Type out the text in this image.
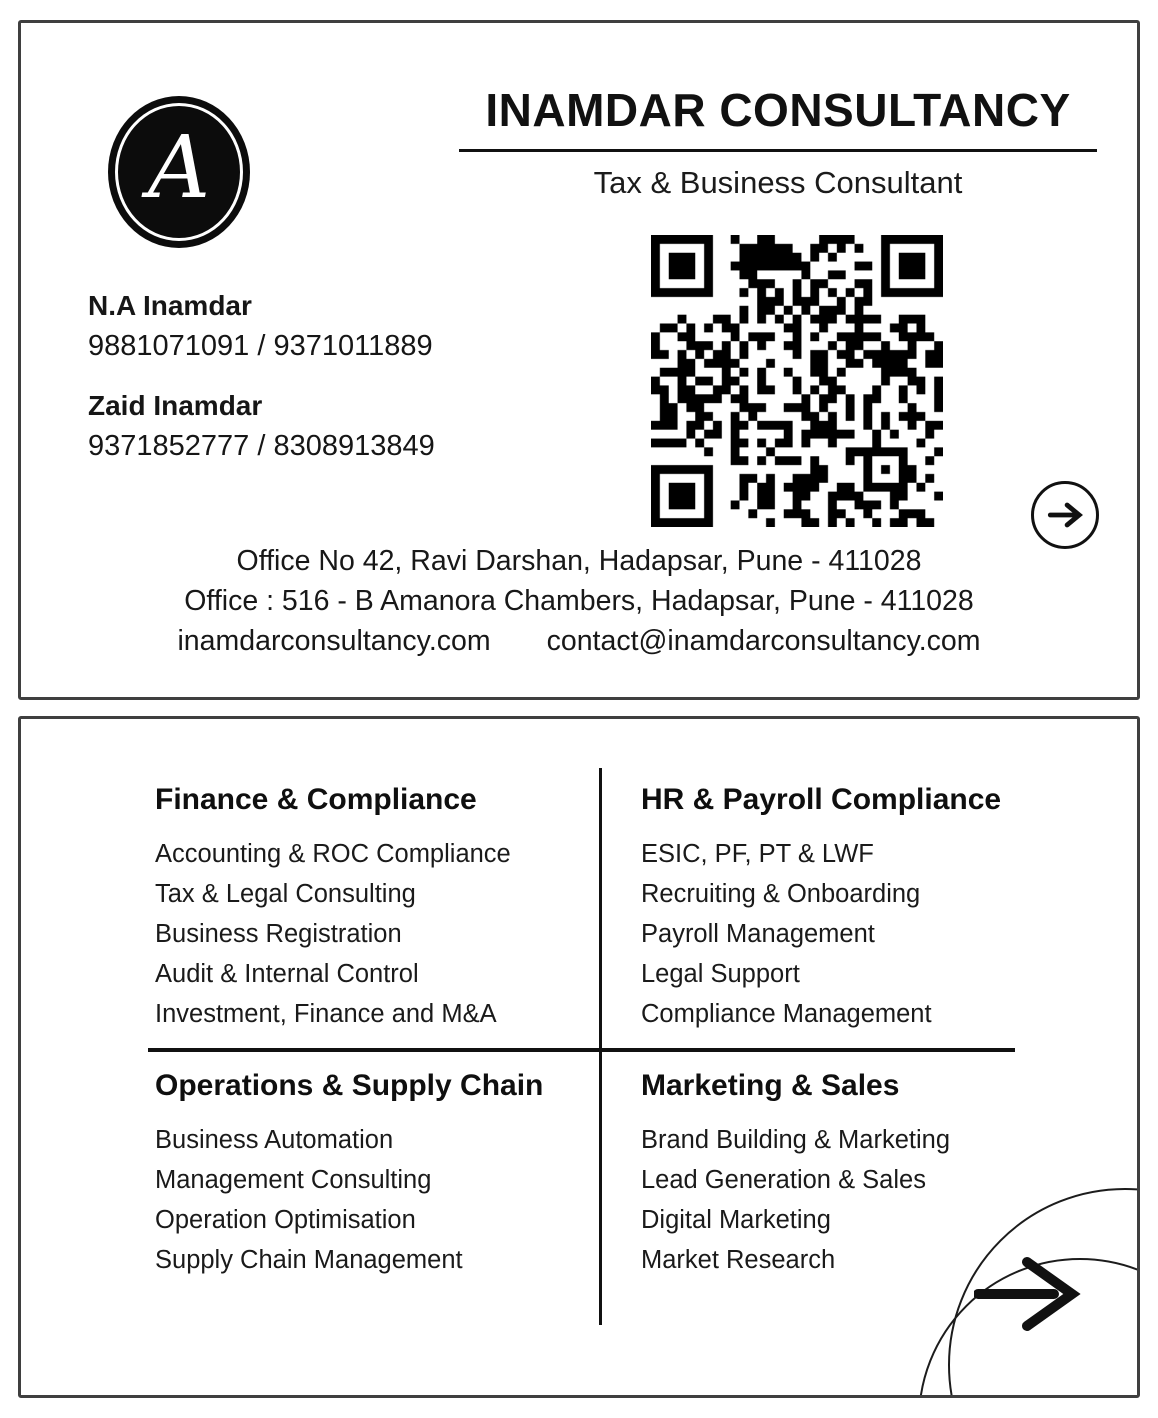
A
INAMDAR CONSULTANCY
Tax & Business Consultant
N.A Inamdar
9881071091 / 9371011889
Zaid Inamdar
9371852777 / 8308913849
Office No 42, Ravi Darshan, Hadapsar, Pune - 411028
Office : 516 - B Amanora Chambers, Hadapsar, Pune - 411028
inamdarconsultancy.com contact@inamdarconsultancy.com
Finance & Compliance
Accounting & ROC Compliance
Tax & Legal Consulting
Business Registration
Audit & Internal Control
Investment, Finance and M&A
HR & Payroll Compliance
ESIC, PF, PT & LWF
Recruiting & Onboarding
Payroll Management
Legal Support
Compliance Management
Operations & Supply Chain
Business Automation
Management Consulting
Operation Optimisation
Supply Chain Management
Marketing & Sales
Brand Building & Marketing
Lead Generation & Sales
Digital Marketing
Market Research
